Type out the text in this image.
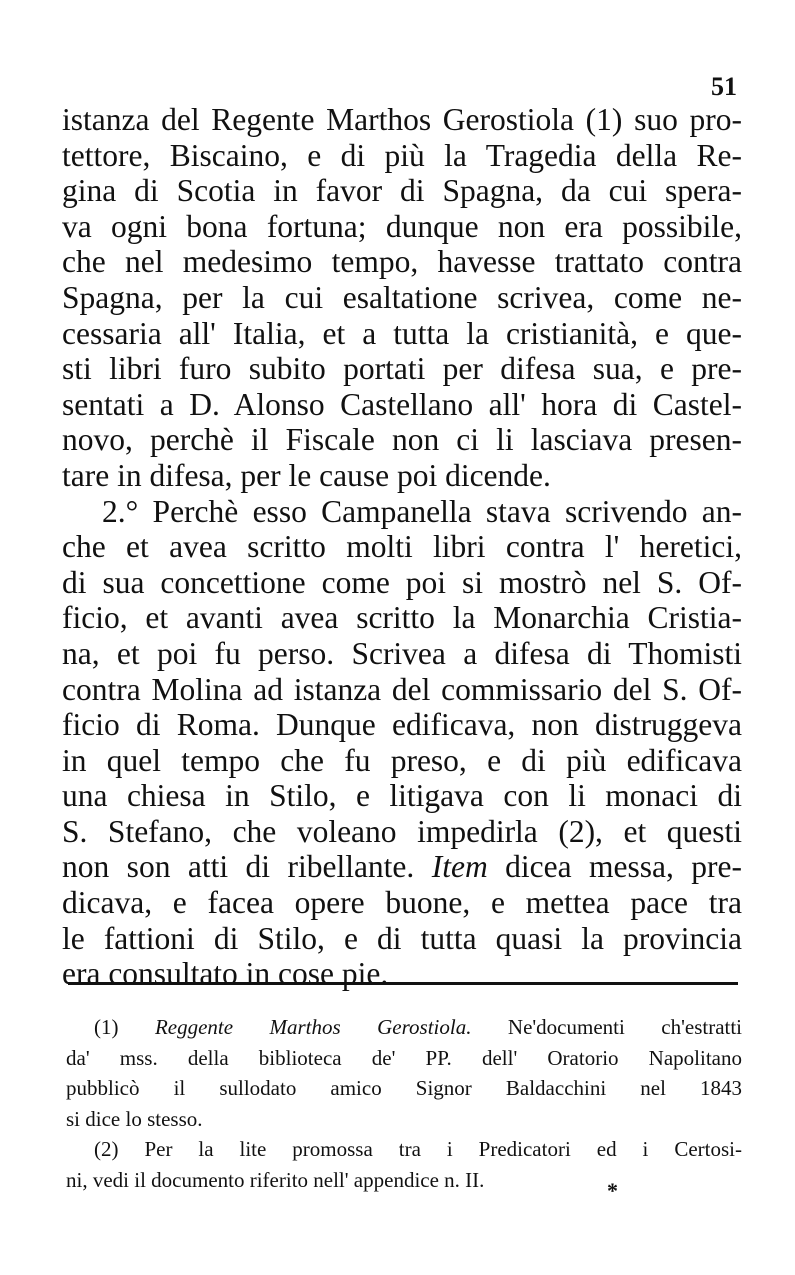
51
istanza del Regente Marthos Gerostiola (1) suo pro-
tettore, Biscaino, e di più la Tragedia della Re-
gina di Scotia in favor di Spagna, da cui spera-
va ogni bona fortuna; dunque non era possibile,
che nel medesimo tempo, havesse trattato contra
Spagna, per la cui esaltatione scrivea, come ne-
cessaria all' Italia, et a tutta la cristianità, e que-
sti libri furo subito portati per difesa sua, e pre-
sentati a D. Alonso Castellano all' hora di Castel-
novo, perchè il Fiscale non ci li lasciava presen-
tare in difesa, per le cause poi dicende.
2.° Perchè esso Campanella stava scrivendo an-
che et avea scritto molti libri contra l' heretici,
di sua concettione come poi si mostrò nel S. Of-
ficio, et avanti avea scritto la Monarchia Cristia-
na, et poi fu perso. Scrivea a difesa di Thomisti
contra Molina ad istanza del commissario del S. Of-
ficio di Roma. Dunque edificava, non distruggeva
in quel tempo che fu preso, e di più edificava
una chiesa in Stilo, e litigava con li monaci di
S. Stefano, che voleano impedirla (2), et questi
non son atti di ribellante. Item dicea messa, pre-
dicava, e facea opere buone, e mettea pace tra
le fattioni di Stilo, e di tutta quasi la provincia
era consultato in cose pie.
(1) Reggente Marthos Gerostiola. Ne'documenti ch'estratti
da' mss. della biblioteca de' PP. dell' Oratorio Napolitano
pubblicò il sullodato amico Signor Baldacchini nel 1843
si dice lo stesso.
(2) Per la lite promossa tra i Predicatori ed i Certosi-
ni, vedi il documento riferito nell' appendice n. II.	*
